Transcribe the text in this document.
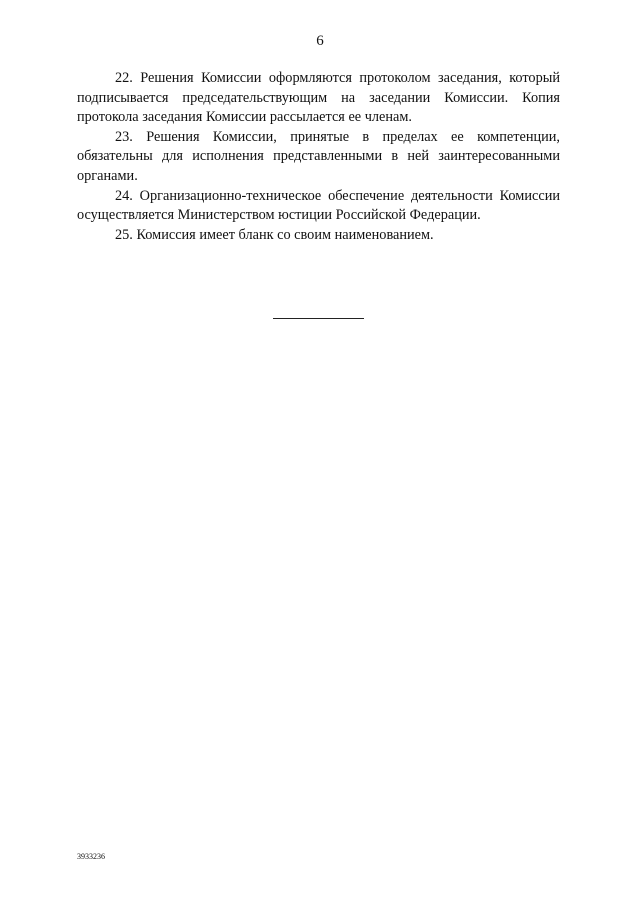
6

22. Решения Комиссии оформляются протоколом заседания, который подписывается председательствующим на заседании Комиссии. Копия протокола заседания Комиссии рассылается ее членам.

23. Решения Комиссии, принятые в пределах ее компетенции, обязательны для исполнения представленными в ней заинтересованными органами.

24. Организационно-техническое обеспечение деятельности Комиссии осуществляется Министерством юстиции Российской Федерации.

25. Комиссия имеет бланк со своим наименованием.

3933236
